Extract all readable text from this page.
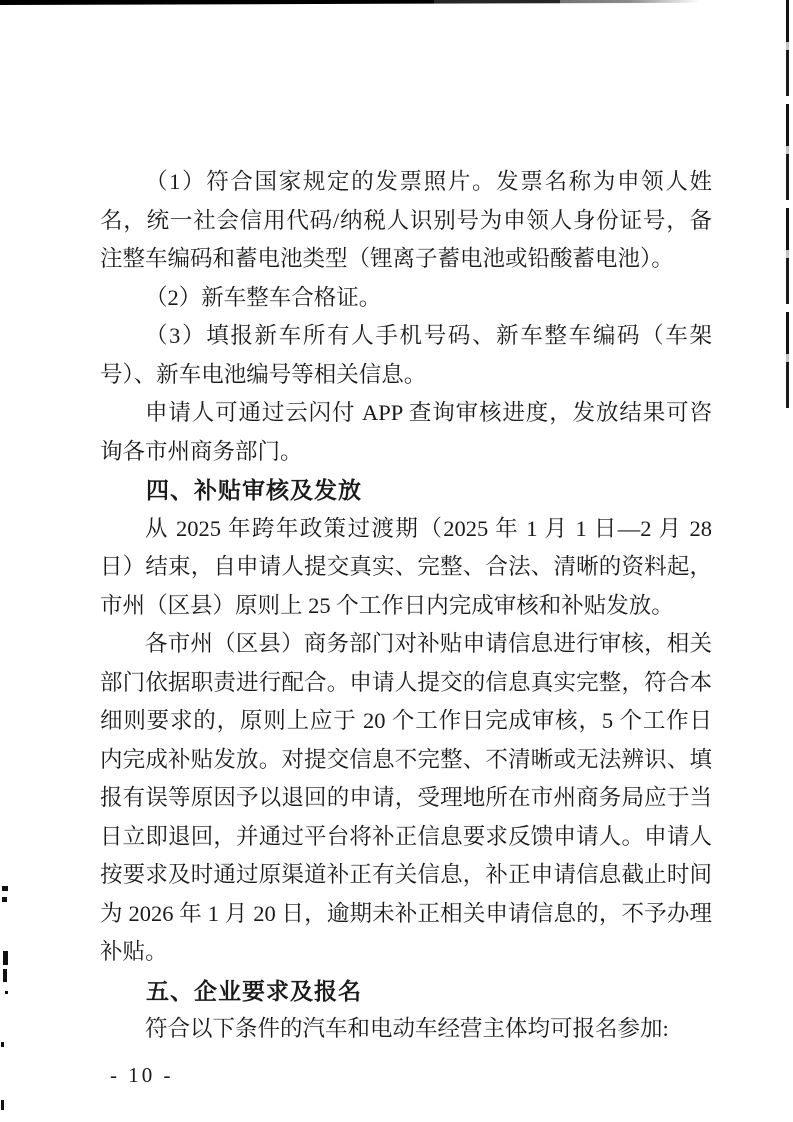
（1）符合国家规定的发票照片。发票名称为申领人姓名，统一社会信用代码/纳税人识别号为申领人身份证号，备注整车编码和蓄电池类型（锂离子蓄电池或铅酸蓄电池）。

（2）新车整车合格证。

（3）填报新车所有人手机号码、新车整车编码（车架号）、新车电池编号等相关信息。

申请人可通过云闪付 APP 查询审核进度，发放结果可咨询各市州商务部门。

四、补贴审核及发放

从 2025 年跨年政策过渡期（2025 年 1 月 1 日—2 月 28 日）结束，自申请人提交真实、完整、合法、清晰的资料起，市州（区县）原则上 25 个工作日内完成审核和补贴发放。

各市州（区县）商务部门对补贴申请信息进行审核，相关部门依据职责进行配合。申请人提交的信息真实完整，符合本细则要求的，原则上应于 20 个工作日完成审核，5 个工作日内完成补贴发放。对提交信息不完整、不清晰或无法辨识、填报有误等原因予以退回的申请，受理地所在市州商务局应于当日立即退回，并通过平台将补正信息要求反馈申请人。申请人按要求及时通过原渠道补正有关信息，补正申请信息截止时间为 2026 年 1 月 20 日，逾期未补正相关申请信息的，不予办理补贴。

五、企业要求及报名

符合以下条件的汽车和电动车经营主体均可报名参加:

- 10 -
